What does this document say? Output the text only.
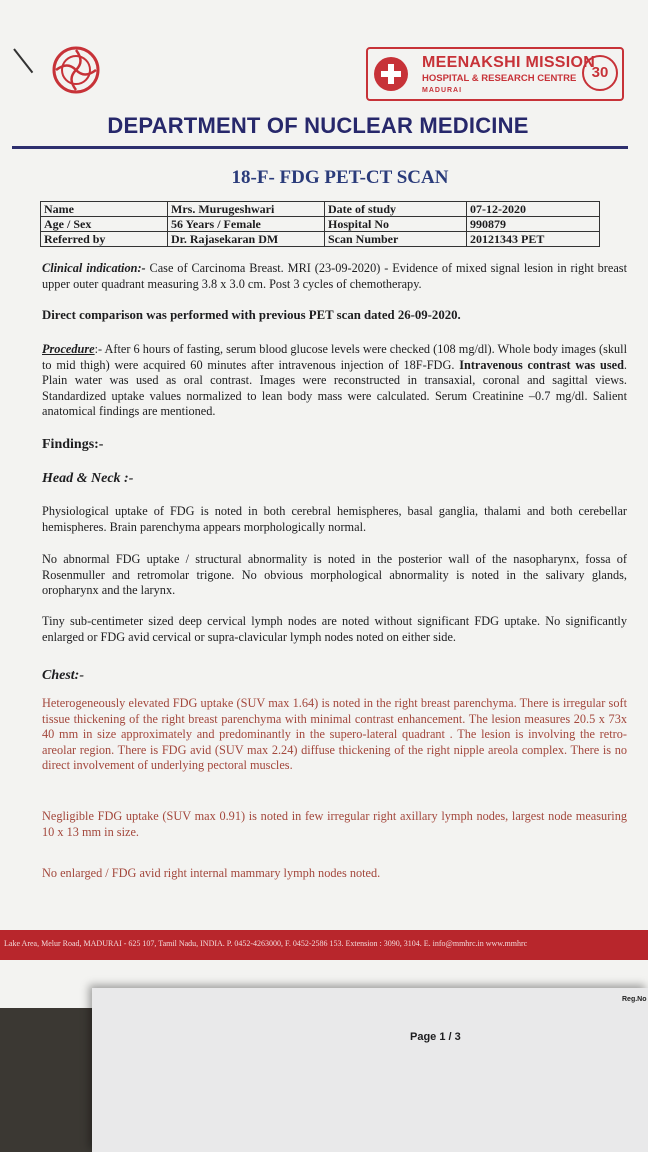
MEENAKSHI MISSION
HOSPITAL & RESEARCH CENTRE
MADURAI
30
DEPARTMENT OF NUCLEAR MEDICINE
18-F- FDG PET-CT SCAN
Name	Mrs. Murugeshwari	Date of study	07-12-2020
Age / Sex	56 Years / Female	Hospital No	990879
Referred by	Dr. Rajasekaran DM	Scan Number	20121343 PET
Clinical indication:- Case of Carcinoma Breast. MRI (23-09-2020) - Evidence of mixed signal lesion in right breast upper outer quadrant measuring 3.8 x 3.0 cm. Post 3 cycles of chemotherapy.
Direct comparison was performed with previous PET scan dated 26-09-2020.
Procedure:- After 6 hours of fasting, serum blood glucose levels were checked (108 mg/dl). Whole body images (skull to mid thigh) were acquired 60 minutes after intravenous injection of 18F-FDG. Intravenous contrast was used. Plain water was used as oral contrast. Images were reconstructed in transaxial, coronal and sagittal views. Standardized uptake values normalized to lean body mass were calculated. Serum Creatinine –0.7 mg/dl. Salient anatomical findings are mentioned.
Findings:-
Head & Neck :-
Physiological uptake of FDG is noted in both cerebral hemispheres, basal ganglia, thalami and both cerebellar hemispheres. Brain parenchyma appears morphologically normal.
No abnormal FDG uptake / structural abnormality is noted in the posterior wall of the nasopharynx, fossa of Rosenmuller and retromolar trigone. No obvious morphological abnormality is noted in the salivary glands, oropharynx and the larynx.
Tiny sub-centimeter sized deep cervical lymph nodes are noted without significant FDG uptake. No significantly enlarged or FDG avid cervical or supra-clavicular lymph nodes noted on either side.
Chest:-
Heterogeneously elevated FDG uptake (SUV max 1.64) is noted in the right breast parenchyma. There is irregular soft tissue thickening of the right breast parenchyma with minimal contrast enhancement. The lesion measures 20.5 x 73x 40 mm in size approximately and predominantly in the supero-lateral quadrant . The lesion is involving the retro-areolar region. There is FDG avid (SUV max 2.24) diffuse thickening of the right nipple areola complex. There is no direct involvement of underlying pectoral muscles.
Negligible FDG uptake (SUV max 0.91) is noted in few irregular right axillary lymph nodes, largest node measuring 10 x 13 mm in size.
No enlarged / FDG avid right internal mammary lymph nodes noted.
Lake Area, Melur Road, MADURAI - 625 107, Tamil Nadu, INDIA. P. 0452-4263000, F. 0452-2586 153. Extension : 3090, 3104. E. info@mmhrc.in www.mmhrc
Reg.No
Page 1 / 3
